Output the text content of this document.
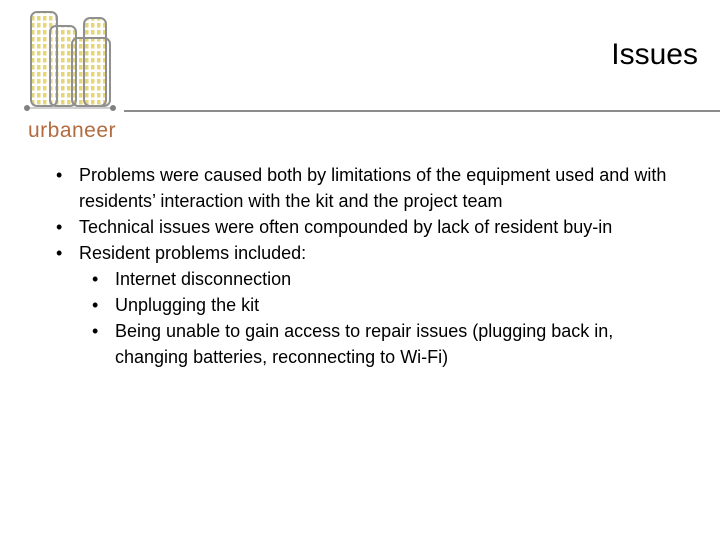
urbaneer
Issues
• Problems were caused both by limitations of the equipment used and with residents’ interaction with the kit and the project team
• Technical issues were often compounded by lack of resident buy-in
• Resident problems included:
• Internet disconnection
• Unplugging the kit
• Being unable to gain access to repair issues (plugging back in, changing batteries, reconnecting to Wi-Fi)
